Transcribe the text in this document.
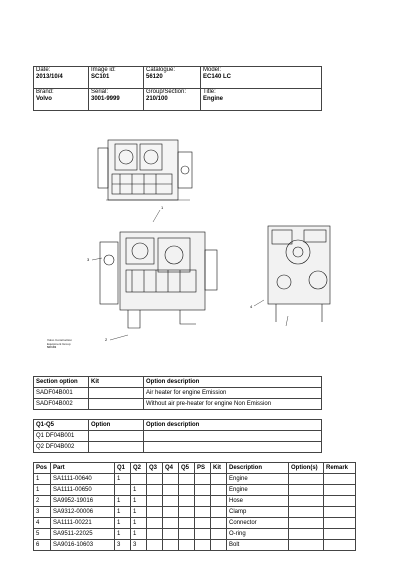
Date:
2013/10/4	Image id:
SC101	Catalogue:
56120	Model:
EC140 LC

Brand:
Volvo	Serial:
3001-9999	Group/Section:
210/100	Title:
Engine
1
2
3
4
Volvo Construction
Equipment Group
SC101
Section option	Kit	Option description
SADF04B001		Air heater for engine Emission
SADF04B002		Without air pre-heater for engine Non Emission
Q1-Q5	Option	Option description
Q1 DF04B001		
Q2 DF04B002		
Pos	Part	Q1	Q2	Q3	Q4	Q5	PS	Kit	Description	Option(s)	Remark
1	SA1111-00640	1							Engine		
1	SA1111-00650		1						Engine		
2	SA9952-19016	1	1						Hose		
3	SA9312-00006	1	1						Clamp		
4	SA1111-00221	1	1						Connector		
5	SA9511-22025	1	1						O-ring		
6	SA9016-10603	3	3						Bolt		
